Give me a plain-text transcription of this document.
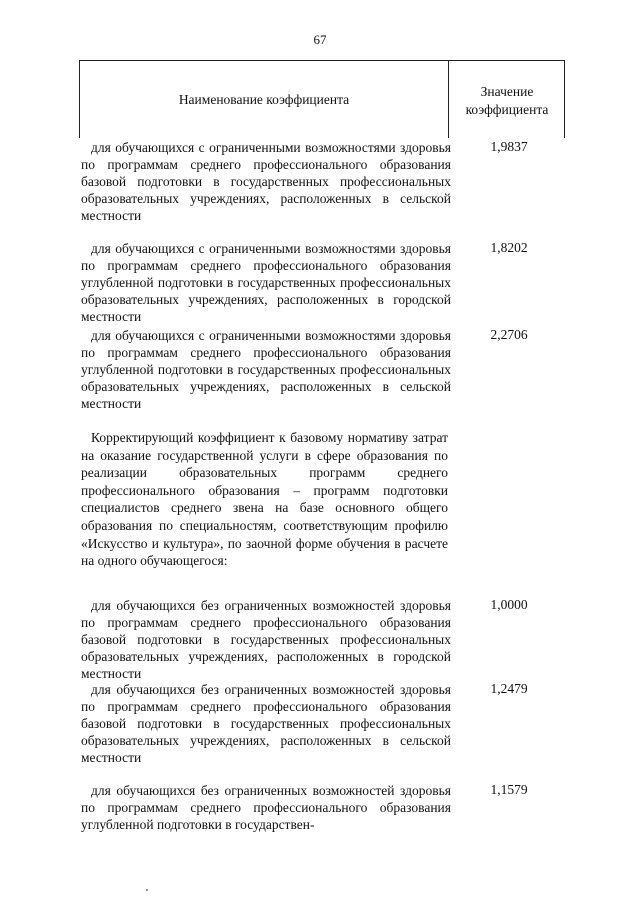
67
Наименование коэффициента
Значение
коэффициента

для обучающихся с ограниченными возможностями здоровья по программам среднего профессионального образования базовой подготовки в государственных профессиональных образовательных учреждениях, расположенных в сельской местности

1,9837

для обучающихся с ограниченными возможностями здоровья по программам среднего профессионального образования углубленной подготовки в государственных профессиональных образовательных учреждениях, расположенных в городской местности

1,8202

для обучающихся с ограниченными возможностями здоровья по программам среднего профессионального образования углубленной подготовки в государственных профессиональных образовательных учреждениях, расположенных в сельской местности

2,2706

Корректирующий коэффициент к базовому нормативу затрат на оказание государственной услуги в сфере образования по реализации образовательных программ среднего профессионального образования – программ подготовки специалистов среднего звена на базе основного общего образования по специальностям, соответствующим профилю «Искусство и культура», по заочной форме обучения в расчете на одного обучающегося:

для обучающихся без ограниченных возможностей здоровья по программам среднего профессионального образования базовой подготовки в государственных профессиональных образовательных учреждениях, расположенных в городской местности

1,0000

для обучающихся без ограниченных возможностей здоровья по программам среднего профессионального образования базовой подготовки в государственных профессиональных образовательных учреждениях, расположенных в сельской местности

1,2479

для обучающихся без ограниченных возможностей здоровья по программам среднего профессионального образования углубленной подготовки в государствен-

1,1579
